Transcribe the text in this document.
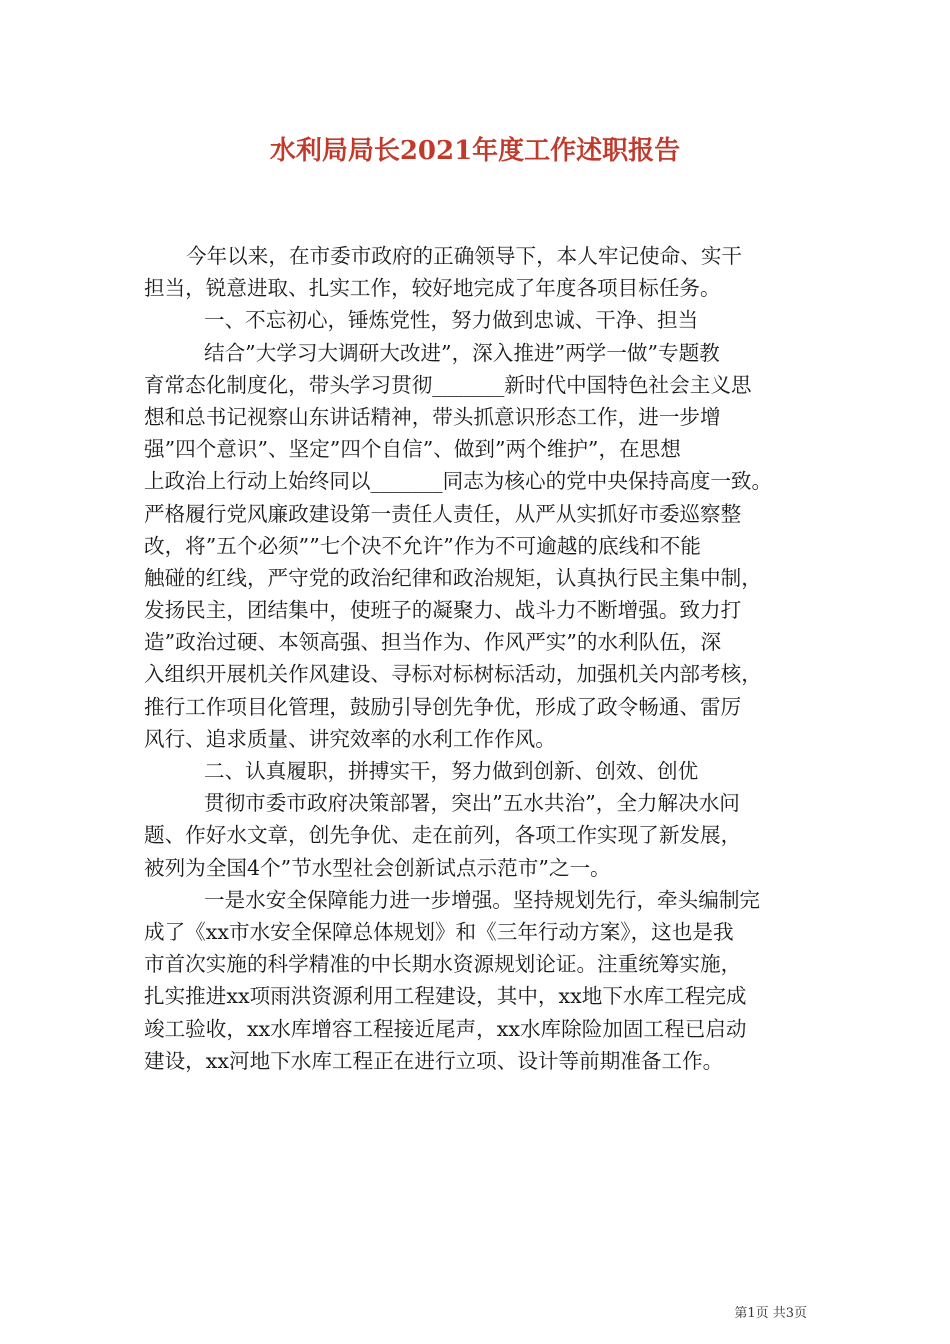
水利局局长2021年度工作述职报告
今年以来，在市委市政府的正确领导下，本人牢记使命、实干
担当，锐意进取、扎实工作，较好地完成了年度各项目标任务。
一、不忘初心，锤炼党性，努力做到忠诚、干净、担当
结合”大学习大调研大改进”，深入推进”两学一做”专题教
育常态化制度化，带头学习贯彻_______新时代中国特色社会主义思
想和总书记视察山东讲话精神，带头抓意识形态工作，进一步增
强”四个意识”、坚定”四个自信”、做到”两个维护”，在思想
上政治上行动上始终同以_______同志为核心的党中央保持高度一致。
严格履行党风廉政建设第一责任人责任，从严从实抓好市委巡察整
改，将”五个必须””七个决不允许”作为不可逾越的底线和不能
触碰的红线，严守党的政治纪律和政治规矩，认真执行民主集中制，
发扬民主，团结集中，使班子的凝聚力、战斗力不断增强。致力打
造”政治过硬、本领高强、担当作为、作风严实”的水利队伍，深
入组织开展机关作风建设、寻标对标树标活动，加强机关内部考核，
推行工作项目化管理，鼓励引导创先争优，形成了政令畅通、雷厉
风行、追求质量、讲究效率的水利工作作风。
二、认真履职，拼搏实干，努力做到创新、创效、创优
贯彻市委市政府决策部署，突出”五水共治”，全力解决水问
题、作好水文章，创先争优、走在前列，各项工作实现了新发展，
被列为全国4个”节水型社会创新试点示范市”之一。
一是水安全保障能力进一步增强。坚持规划先行，牵头编制完
成了《xx市水安全保障总体规划》和《三年行动方案》，这也是我
市首次实施的科学精准的中长期水资源规划论证。注重统筹实施，
扎实推进xx项雨洪资源利用工程建设，其中，xx地下水库工程完成
竣工验收，xx水库增容工程接近尾声，xx水库除险加固工程已启动
建设，xx河地下水库工程正在进行立项、设计等前期准备工作。
第1页 共3页
